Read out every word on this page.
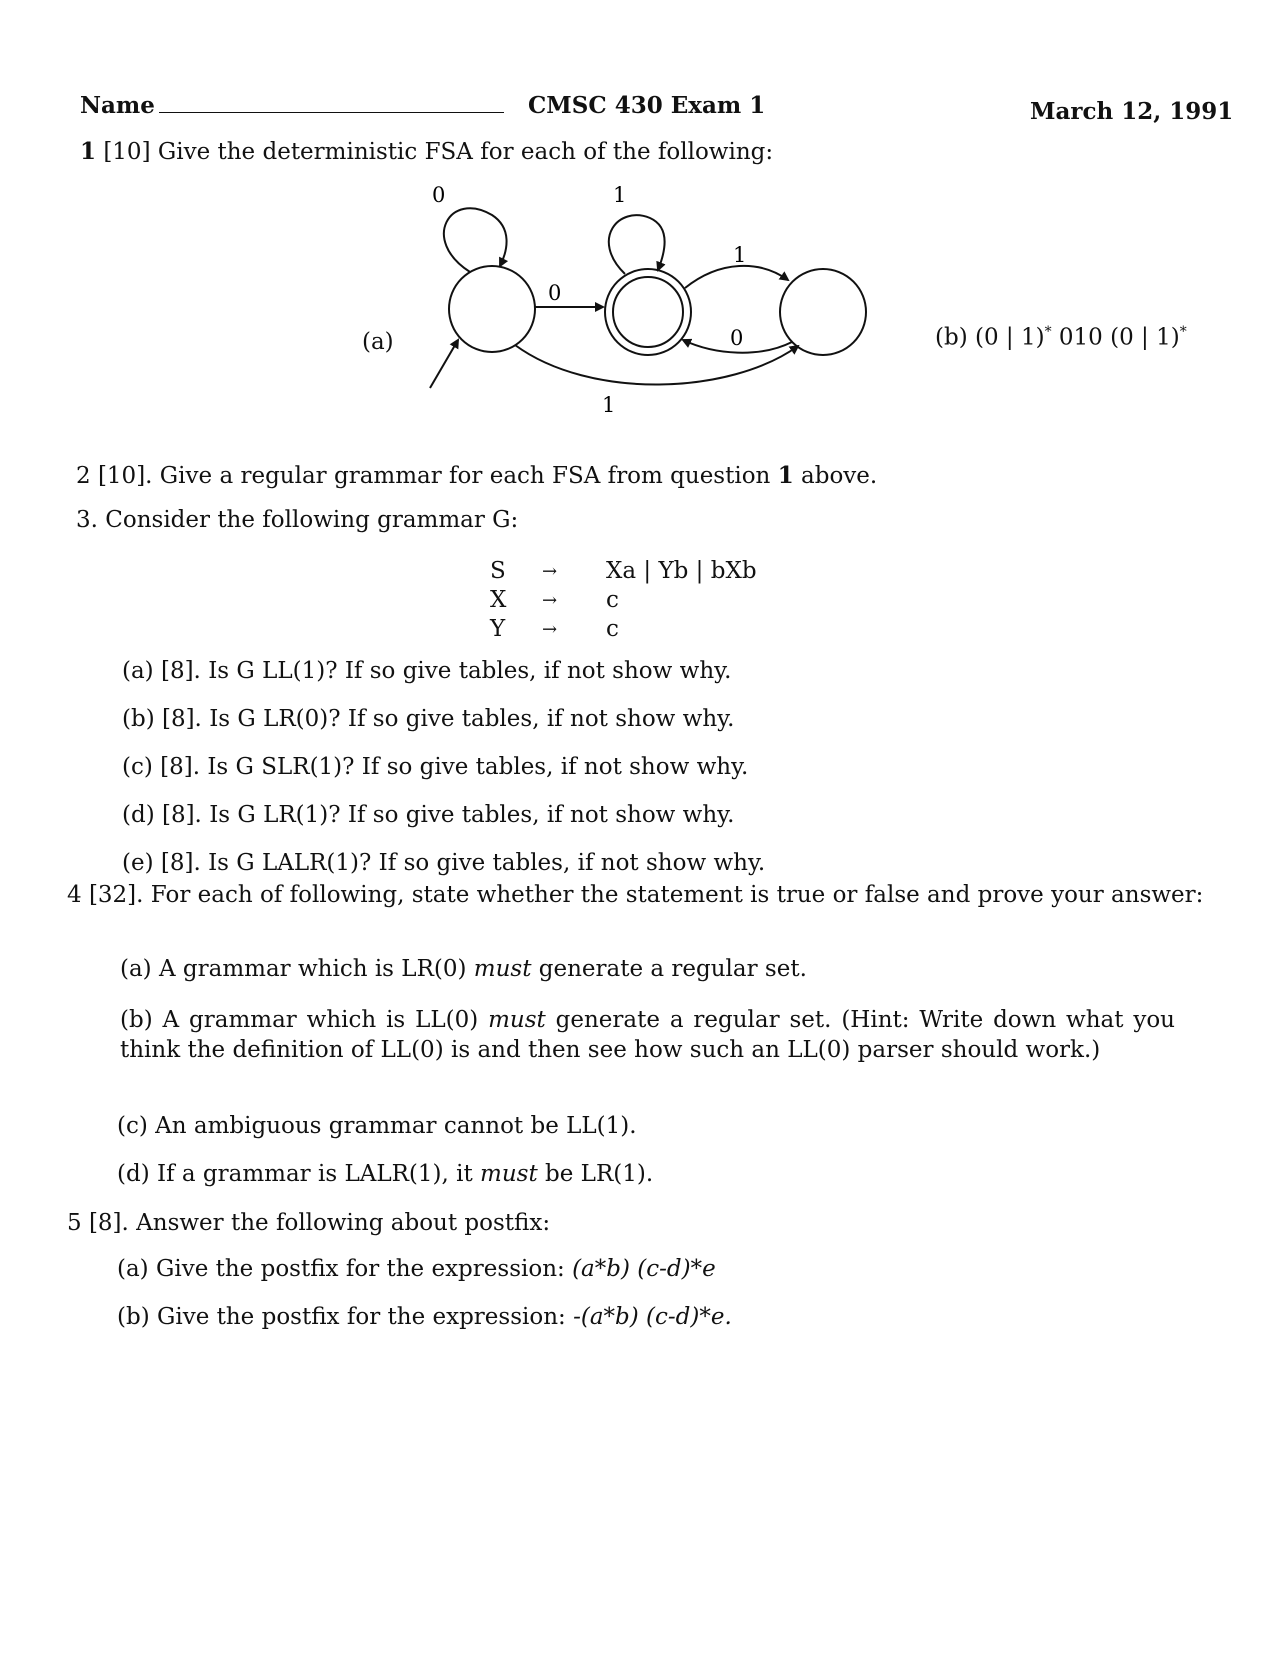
Name	CMSC 430 Exam 1	March 12, 1991
1 [10] Give the deterministic FSA for each of the following:
(a)
0	1
0
1
0
1
(b) (0 | 1)* 010 (0 | 1)*
2 [10]. Give a regular grammar for each FSA from question 1 above.
3. Consider the following grammar G:
S	→	Xa | Yb | bXb
X	→	c
Y	→	c
(a) [8]. Is G LL(1)? If so give tables, if not show why.
(b) [8]. Is G LR(0)? If so give tables, if not show why.
(c) [8]. Is G SLR(1)? If so give tables, if not show why.
(d) [8]. Is G LR(1)? If so give tables, if not show why.
(e) [8]. Is G LALR(1)? If so give tables, if not show why.
4 [32]. For each of following, state whether the statement is true or false and prove your answer:
(a) A grammar which is LR(0) must generate a regular set.
(b) A grammar which is LL(0) must generate a regular set. (Hint: Write down what you think the definition of LL(0) is and then see how such an LL(0) parser should work.)
(c) An ambiguous grammar cannot be LL(1).
(d) If a grammar is LALR(1), it must be LR(1).
5 [8]. Answer the following about postfix:
(a) Give the postfix for the expression: (a*b) (c-d)*e
(b) Give the postfix for the expression: -(a*b) (c-d)*e.
